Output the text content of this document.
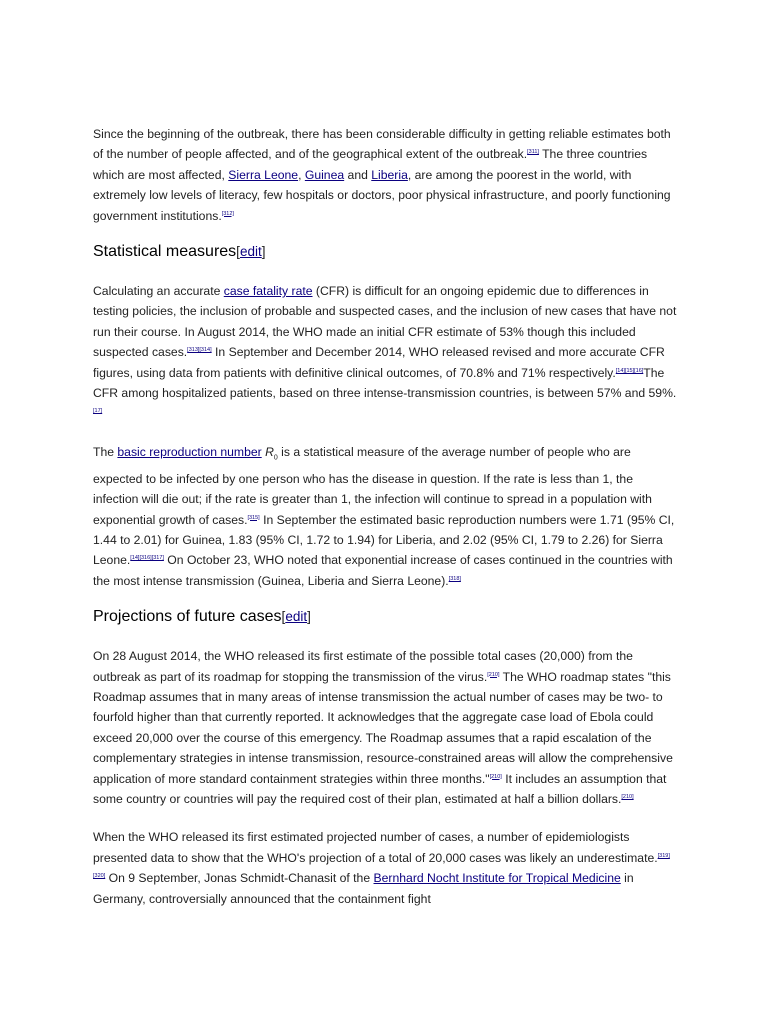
Since the beginning of the outbreak, there has been considerable difficulty in getting reliable estimates both of the number of people affected, and of the geographical extent of the outbreak.[311] The three countries which are most affected, Sierra Leone, Guinea and Liberia, are among the poorest in the world, with extremely low levels of literacy, few hospitals or doctors, poor physical infrastructure, and poorly functioning government institutions.[312]

Statistical measures[edit]

Calculating an accurate case fatality rate (CFR) is difficult for an ongoing epidemic due to differences in testing policies, the inclusion of probable and suspected cases, and the inclusion of new cases that have not run their course. In August 2014, the WHO made an initial CFR estimate of 53% though this included suspected cases.[313][314] In September and December 2014, WHO released revised and more accurate CFR figures, using data from patients with definitive clinical outcomes, of 70.8% and 71% respectively.[14][15][16]The CFR among hospitalized patients, based on three intense-transmission countries, is between 57% and 59%.[17]

The basic reproduction number $R_0$ is a statistical measure of the average number of people who are expected to be infected by one person who has the disease in question. If the rate is less than 1, the infection will die out; if the rate is greater than 1, the infection will continue to spread in a population with exponential growth of cases.[315] In September the estimated basic reproduction numbers were 1.71 (95% CI, 1.44 to 2.01) for Guinea, 1.83 (95% CI, 1.72 to 1.94) for Liberia, and 2.02 (95% CI, 1.79 to 2.26) for Sierra Leone.[14][316][317] On October 23, WHO noted that exponential increase of cases continued in the countries with the most intense transmission (Guinea, Liberia and Sierra Leone).[318]

Projections of future cases[edit]

On 28 August 2014, the WHO released its first estimate of the possible total cases (20,000) from the outbreak as part of its roadmap for stopping the transmission of the virus.[210] The WHO roadmap states "this Roadmap assumes that in many areas of intense transmission the actual number of cases may be two- to fourfold higher than that currently reported. It acknowledges that the aggregate case load of Ebola could exceed 20,000 over the course of this emergency. The Roadmap assumes that a rapid escalation of the complementary strategies in intense transmission, resource-constrained areas will allow the comprehensive application of more standard containment strategies within three months."[210] It includes an assumption that some country or countries will pay the required cost of their plan, estimated at half a billion dollars.[210]

When the WHO released its first estimated projected number of cases, a number of epidemiologists presented data to show that the WHO's projection of a total of 20,000 cases was likely an underestimate.[319][320] On 9 September, Jonas Schmidt-Chanasit of the Bernhard Nocht Institute for Tropical Medicine in Germany, controversially announced that the containment fight
